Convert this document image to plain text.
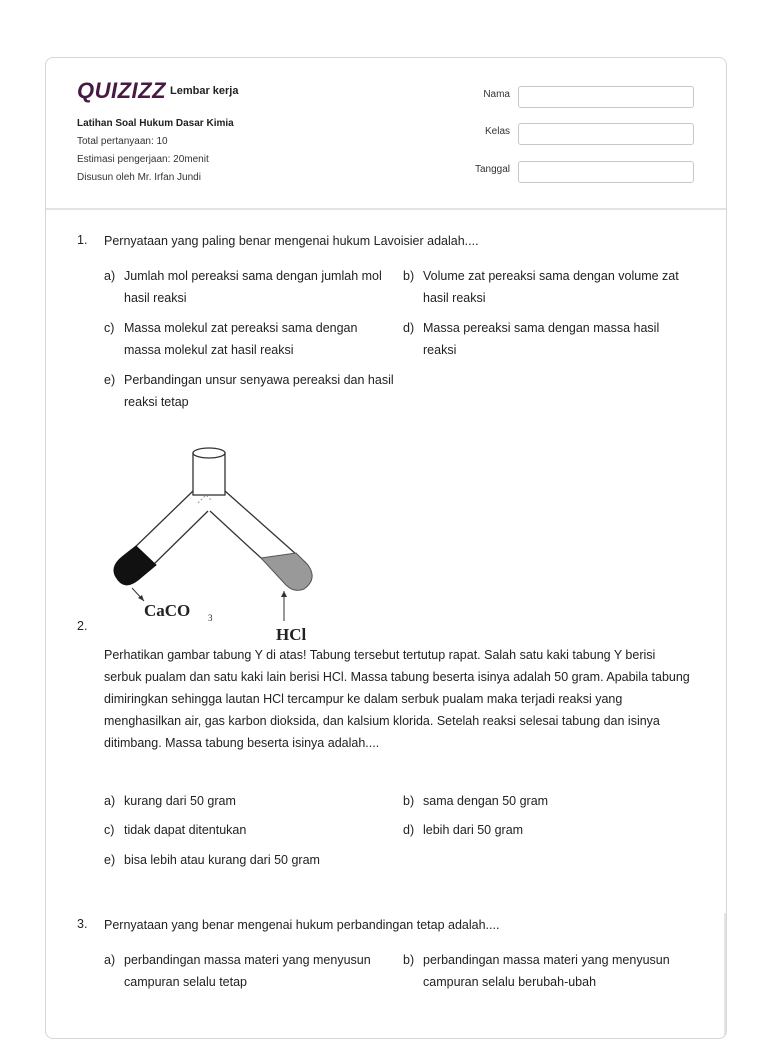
QUIZIZZ Lembar kerja
Latihan Soal Hukum Dasar Kimia
Total pertanyaan: 10
Estimasi pengerjaan: 20menit
Disusun oleh Mr. Irfan Jundi
Nama
Kelas
Tanggal
1. Pernyataan yang paling benar mengenai hukum Lavoisier adalah....
a) Jumlah mol pereaksi sama dengan jumlah mol hasil reaksi
b) Volume zat pereaksi sama dengan volume zat hasil reaksi
c) Massa molekul zat pereaksi sama dengan massa molekul zat hasil reaksi
d) Massa pereaksi sama dengan massa hasil reaksi
e) Perbandingan unsur senyawa pereaksi dan hasil reaksi tetap
CaCO 3
HCl
2.
Perhatikan gambar tabung Y di atas! Tabung tersebut tertutup rapat. Salah satu kaki tabung Y berisi serbuk pualam dan satu kaki lain berisi HCl. Massa tabung beserta isinya adalah 50 gram. Apabila tabung dimiringkan sehingga lautan HCl tercampur ke dalam serbuk pualam maka terjadi reaksi yang menghasilkan air, gas karbon dioksida, dan kalsium klorida. Setelah reaksi selesai tabung dan isinya ditimbang. Massa tabung beserta isinya adalah....
a) kurang dari 50 gram	b) sama dengan 50 gram
c) tidak dapat ditentukan	d) lebih dari 50 gram
e) bisa lebih atau kurang dari 50 gram
3. Pernyataan yang benar mengenai hukum perbandingan tetap adalah....
a) perbandingan massa materi yang menyusun campuran selalu tetap
b) perbandingan massa materi yang menyusun campuran selalu berubah-ubah
